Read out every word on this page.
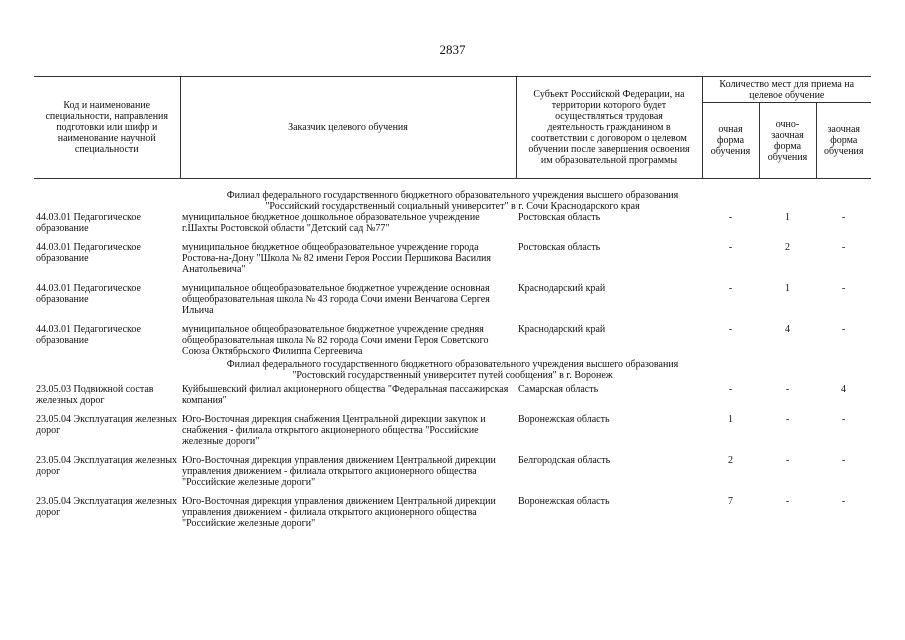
2837
Код и наименование специальности, направления подготовки или шифр и наименование научной специальности	Заказчик целевого обучения	Субъект Российской Федерации, на территории которого будет осуществляться трудовая деятельность гражданином в соответствии с договором о целевом обучении после завершения освоения им образовательной программы	Количество мест для приема на целевое обучение		
			очная форма обучения	очно-заочная форма обучения	заочная форма обучения

Филиал федерального государственного бюджетного образовательного учреждения высшего образования
"Российский государственный социальный университет" в г. Сочи Краснодарского края					

44.03.01 Педагогическое образование	муниципальное бюджетное дошкольное образовательное учреждение г.Шахты Ростовской области "Детский сад №77"	Ростовская область	-	1	-
44.03.01 Педагогическое образование	муниципальное бюджетное общеобразовательное учреждение города Ростова-на-Дону "Школа № 82 имени Героя России Першикова Василия Анатольевича"	Ростовская область	-	2	-
44.03.01 Педагогическое образование	муниципальное общеобразовательное бюджетное учреждение основная общеобразовательная школа № 43 города Сочи имени Венчагова Сергея Ильича	Краснодарский край	-	1	-
44.03.01 Педагогическое образование	муниципальное общеобразовательное бюджетное учреждение средняя общеобразовательная школа № 82 города Сочи имени Героя Советского Союза Октябрьского Филиппа Сергеевича	Краснодарский край	-	4	-

Филиал федерального государственного бюджетного образовательного учреждения высшего образования
"Ростовский государственный университет путей сообщения" в г. Воронеж					

23.05.03 Подвижной состав железных дорог	Куйбышевский филиал акционерного общества "Федеральная пассажирская компания"	Самарская область	-	-	4
23.05.04 Эксплуатация железных дорог	Юго-Восточная дирекция снабжения Центральной дирекции закупок и снабжения - филиала открытого акционерного общества "Российские железные дороги"	Воронежская область	1	-	-
23.05.04 Эксплуатация железных дорог	Юго-Восточная дирекция управления движением Центральной дирекции управления движением - филиала открытого акционерного общества "Российские железные дороги"	Белгородская область	2	-	-
23.05.04 Эксплуатация железных дорог	Юго-Восточная дирекция управления движением Центральной дирекции управления движением - филиала открытого акционерного общества "Российские железные дороги"	Воронежская область	7	-	-
